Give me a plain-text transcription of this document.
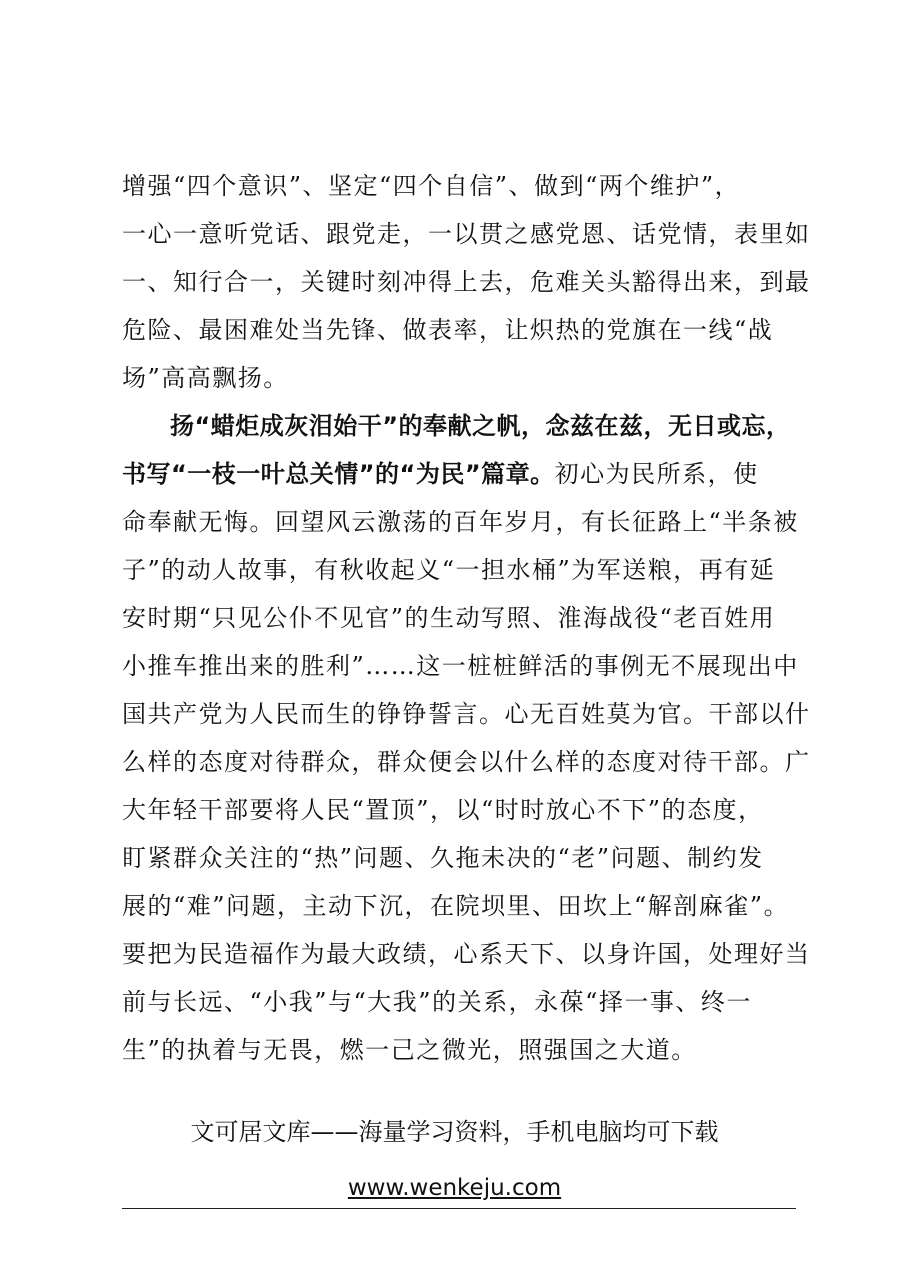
增强“四个意识”、坚定“四个自信”、做到“两个维护”，
一心一意听党话、跟党走，一以贯之感党恩、话党情，表里如
一、知行合一，关键时刻冲得上去，危难关头豁得出来，到最
危险、最困难处当先锋、做表率，让炽热的党旗在一线“战
场”高高飘扬。
扬“蜡炬成灰泪始干”的奉献之帆，念兹在兹，无日或忘，
书写“一枝一叶总关情”的“为民”篇章。初心为民所系，使
命奉献无悔。回望风云激荡的百年岁月，有长征路上“半条被
子”的动人故事，有秋收起义“一担水桶”为军送粮，再有延
安时期“只见公仆不见官”的生动写照、淮海战役“老百姓用
小推车推出来的胜利”……这一桩桩鲜活的事例无不展现出中
国共产党为人民而生的铮铮誓言。心无百姓莫为官。干部以什
么样的态度对待群众，群众便会以什么样的态度对待干部。广
大年轻干部要将人民“置顶”，以“时时放心不下”的态度，
盯紧群众关注的“热”问题、久拖未决的“老”问题、制约发
展的“难”问题，主动下沉，在院坝里、田坎上“解剖麻雀”。
要把为民造福作为最大政绩，心系天下、以身许国，处理好当
前与长远、“小我”与“大我”的关系，永葆“择一事、终一
生”的执着与无畏，燃一己之微光，照强国之大道。
文可居文库——海量学习资料，手机电脑均可下载
www.wenkeju.com
